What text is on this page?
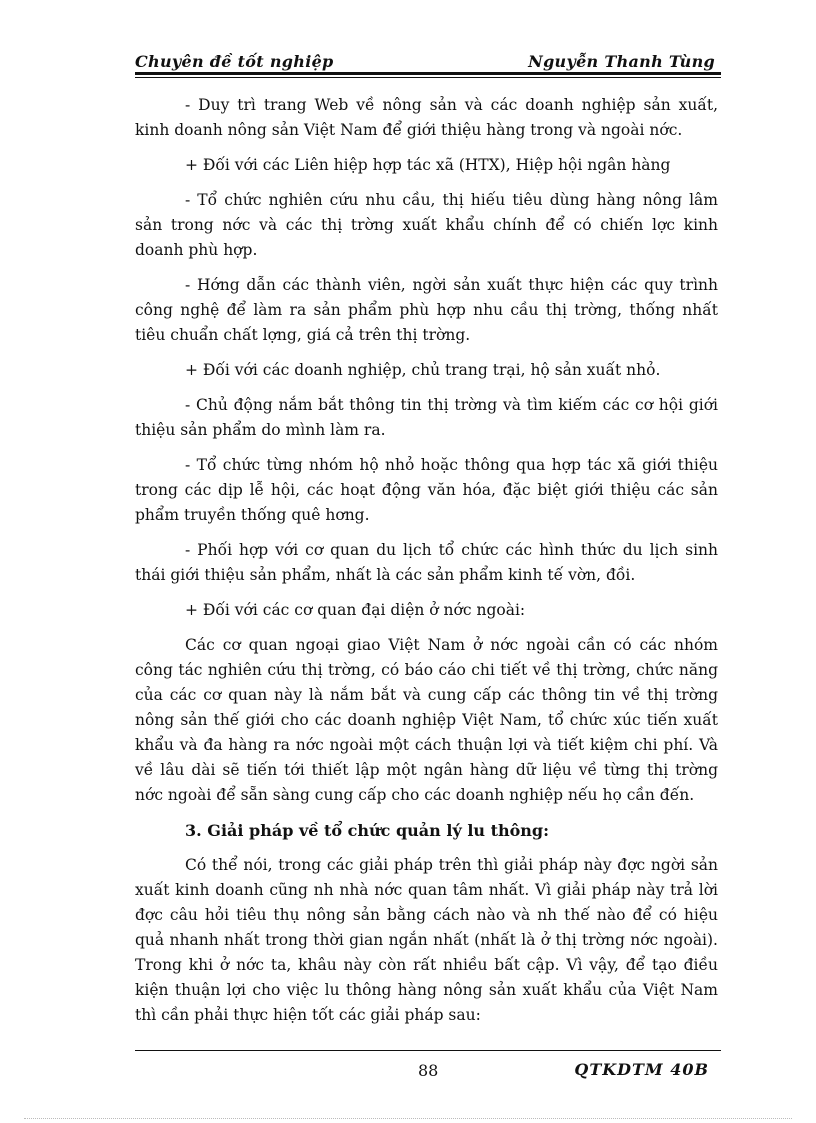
Chuyên đề tốt nghiệp	Nguyễn Thanh Tùng

- Duy trì trang Web về nông sản và các doanh nghiệp sản xuất, kinh doanh nông sản Việt Nam để giới thiệu hàng trong và ngoài nớc.

+ Đối với các Liên hiệp hợp tác xã (HTX), Hiệp hội ngân hàng

- Tổ chức nghiên cứu nhu cầu, thị hiếu tiêu dùng hàng nông lâm sản trong nớc và các thị trờng xuất khẩu chính để có chiến lợc kinh doanh phù hợp.

- Hớng dẫn các thành viên, ngời sản xuất thực hiện các quy trình công nghệ để làm ra sản phẩm phù hợp nhu cầu thị trờng, thống nhất tiêu chuẩn chất lợng, giá cả trên thị trờng.

+ Đối với các doanh nghiệp, chủ trang trại, hộ sản xuất nhỏ.

- Chủ động nắm bắt thông tin thị trờng và tìm kiếm các cơ hội giới thiệu sản phẩm do mình làm ra.

- Tổ chức từng nhóm hộ nhỏ hoặc thông qua hợp tác xã giới thiệu trong các dịp lễ hội, các hoạt động văn hóa, đặc biệt giới thiệu các sản phẩm truyền thống quê hơng.

- Phối hợp với cơ quan du lịch tổ chức các hình thức du lịch sinh thái giới thiệu sản phẩm, nhất là các sản phẩm kinh tế vờn, đồi.

+ Đối với các cơ quan đại diện ở nớc ngoài:

Các cơ quan ngoại giao Việt Nam ở nớc ngoài cần có các nhóm công tác nghiên cứu thị trờng, có báo cáo chi tiết về thị trờng, chức năng của các cơ quan này là nắm bắt và cung cấp các thông tin về thị trờng nông sản thế giới cho các doanh nghiệp Việt Nam, tổ chức xúc tiến xuất khẩu và đa hàng ra nớc ngoài một cách thuận lợi và tiết kiệm chi phí. Và về lâu dài sẽ tiến tới thiết lập một ngân hàng dữ liệu về từng thị trờng nớc ngoài để sẵn sàng cung cấp cho các doanh nghiệp nếu họ cần đến.

3. Giải pháp về tổ chức quản lý lu thông:

Có thể nói, trong các giải pháp trên thì giải pháp này đợc ngời sản xuất kinh doanh cũng nh nhà nớc quan tâm nhất. Vì giải pháp này trả lời đợc câu hỏi tiêu thụ nông sản bằng cách nào và nh thế nào để có hiệu quả nhanh nhất trong thời gian ngắn nhất (nhất là ở thị trờng nớc ngoài). Trong khi ở nớc ta, khâu này còn rất nhiều bất cập. Vì vậy, để tạo điều kiện thuận lợi cho việc lu thông hàng nông sản xuất khẩu của Việt Nam thì cần phải thực hiện tốt các giải pháp sau:

88	QTKDTM 40B
